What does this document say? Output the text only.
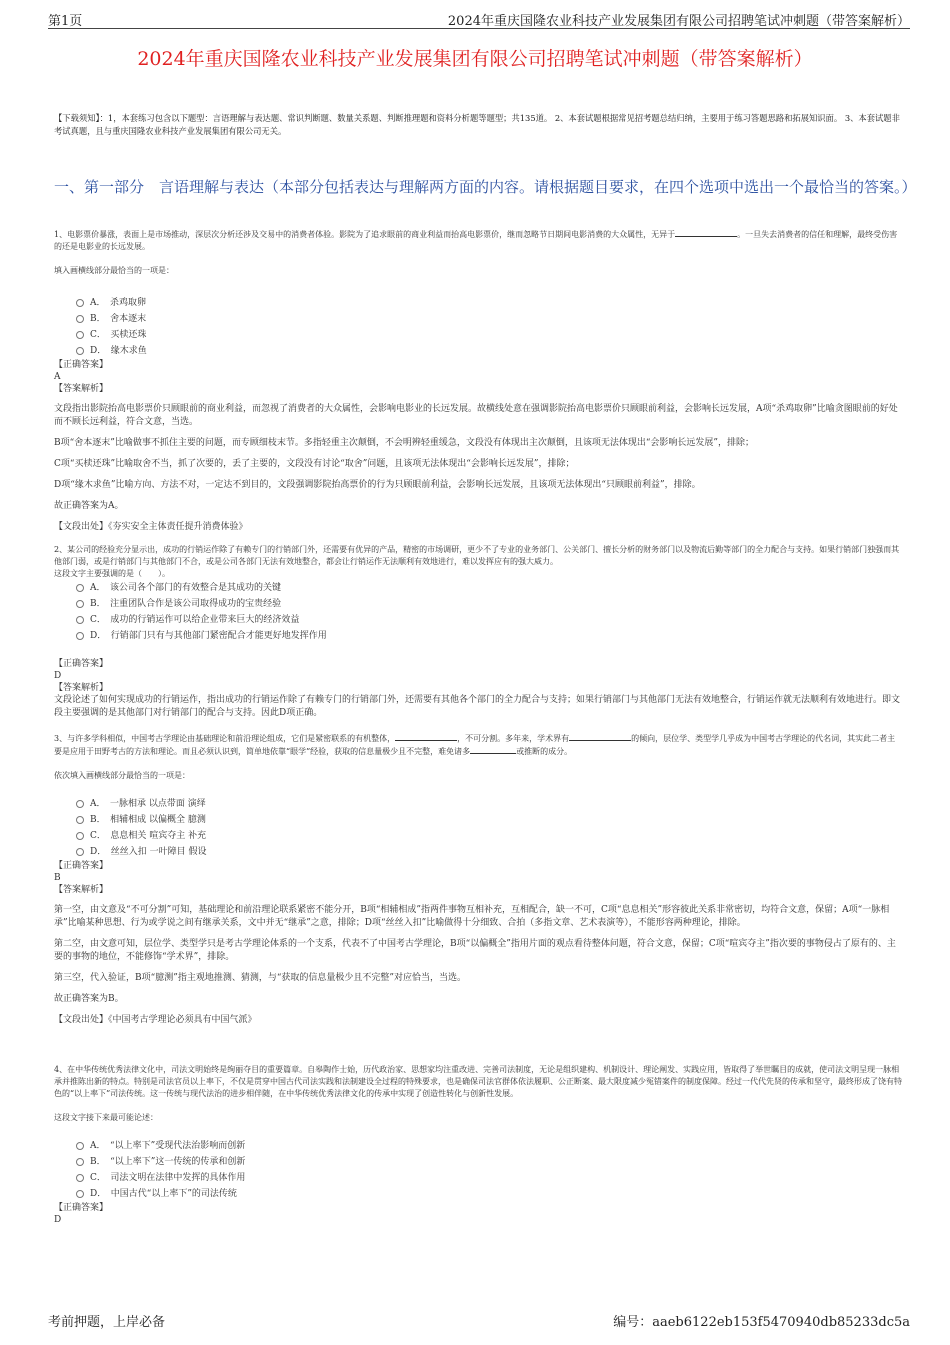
第1页	2024年重庆国隆农业科技产业发展集团有限公司招聘笔试冲刺题（带答案解析）
2024年重庆国隆农业科技产业发展集团有限公司招聘笔试冲刺题（带答案解析）
【下载须知】：1，本套练习包含以下题型：言语理解与表达题、常识判断题、数量关系题、判断推理题和资料分析题等题型；共135道。 2、本套试题根据常见招考题总结归纳，主要用于练习答题思路和拓展知识面。 3、本套试题非考试真题，且与重庆国隆农业科技产业发展集团有限公司无关。
一、第一部分　言语理解与表达（本部分包括表达与理解两方面的内容。请根据题目要求，在四个选项中选出一个最恰当的答案。）

1、电影票价暴涨，表面上是市场推动，深层次分析还涉及交易中的消费者体验。影院为了追求眼前的商业利益而抬高电影票价，继而忽略节日期间电影消费的大众属性，无异于	。一旦失去消费者的信任和理解，最终受伤害的还是电影业的长远发展。

填入画横线部分最恰当的一项是：

A．　杀鸡取卵
B．　舍本逐末
C．　买椟还珠
D．　缘木求鱼
【正确答案】
A
【答案解析】

文段指出影院抬高电影票价只顾眼前的商业利益，而忽视了消费者的大众属性，会影响电影业的长远发展。故横线处意在强调影院抬高电影票价只顾眼前利益，会影响长远发展，A项“杀鸡取卵”比喻贪图眼前的好处而不顾长远利益，符合文意，当选。

B项“舍本逐末”比喻做事不抓住主要的问题，而专顾细枝末节。多指轻重主次颠倒，不会明辨轻重缓急，文段没有体现出主次颠倒，且该项无法体现出“会影响长远发展”，排除；

C项“买椟还珠”比喻取舍不当，抓了次要的，丢了主要的，文段没有讨论“取舍”问题，且该项无法体现出“会影响长远发展”，排除；

D项“缘木求鱼”比喻方向、方法不对，一定达不到目的，文段强调影院抬高票价的行为只顾眼前利益，会影响长远发展，且该项无法体现出“只顾眼前利益”，排除。

故正确答案为A。

【文段出处】《夯实安全主体责任提升消费体验》

2、某公司的经验充分显示出，成功的行销运作除了有赖专门的行销部门外，还需要有优异的产品，精密的市场调研，更少不了专业的业务部门、公关部门、擅长分析的财务部门以及物流后勤等部门的全力配合与支持。如果行销部门独强而其他部门弱，或是行销部门与其他部门不合，或是公司各部门无法有效地整合，都会让行销运作无法顺利有效地进行，难以发挥应有的强大威力。

这段文字主要强调的是（　　）。

A．　该公司各个部门的有效整合是其成功的关键
B．　注重团队合作是该公司取得成功的宝贵经验
C．　成功的行销运作可以给企业带来巨大的经济效益
D．　行销部门只有与其他部门紧密配合才能更好地发挥作用
【正确答案】
D
【答案解析】

文段论述了如何实现成功的行销运作，指出成功的行销运作除了有赖专门的行销部门外，还需要有其他各个部门的全力配合与支持；如果行销部门与其他部门无法有效地整合，行销运作就无法顺利有效地进行。即文段主要强调的是其他部门对行销部门的配合与支持。因此D项正确。

3、与许多学科相似，中国考古学理论由基础理论和前沿理论组成，它们是紧密联系的有机整体，	，不可分割。多年来，学术界有	的倾向，层位学、类型学几乎成为中国考古学理论的代名词，其实此二者主要是应用于田野考古的方法和理论。而且必须认识到，简单地依靠“眼学”经验，获取的信息量极少且不完整，难免诸多	或推断的成分。

依次填入画横线部分最恰当的一项是：

A．　一脉相承 以点带面 演绎
B．　相辅相成 以偏概全 臆测
C．　息息相关 喧宾夺主 补充
D．　丝丝入扣 一叶障目 假设
【正确答案】
B
【答案解析】

第一空，由文意及“不可分割”可知，基础理论和前沿理论联系紧密不能分开，B项“相辅相成”指两件事物互相补充，互相配合，缺一不可，C项“息息相关”形容彼此关系非常密切，均符合文意，保留；A项“一脉相承”比喻某种思想、行为或学说之间有继承关系，文中并无“继承”之意，排除；D项“丝丝入扣”比喻做得十分细致、合拍（多指文章、艺术表演等），不能形容两种理论，排除。

第二空，由文意可知，层位学、类型学只是考古学理论体系的一个支系，代表不了中国考古学理论，B项“以偏概全”指用片面的观点看待整体问题，符合文意，保留；C项“喧宾夺主”指次要的事物侵占了原有的、主要的事物的地位，不能修饰“学术界”，排除。

第三空，代入验证，B项“臆测”指主观地推测、猜测，与“获取的信息量极少且不完整”对应恰当，当选。

故正确答案为B。

【文段出处】《中国考古学理论必须具有中国气派》

4、在中华传统优秀法律文化中，司法文明始终是绚丽夺目的重要篇章。自皋陶作士始，历代政治家、思想家均注重改进、完善司法制度，无论是组织建构、机制设计、理论阐发、实践应用，皆取得了举世瞩目的成就，使司法文明呈现一脉相承并推陈出新的特点。特别是司法官员以上率下，不仅是贯穿中国古代司法实践和法制建设全过程的特殊要求，也是确保司法官群体依法履职、公正断案、最大限度减少冤错案件的制度保障。经过一代代先贤的传承和坚守，最终形成了饶有特色的“以上率下”司法传统。这一传统与现代法治的进步相伴随，在中华传统优秀法律文化的传承中实现了创造性转化与创新性发展。

这段文字接下来最可能论述：

A．　“以上率下”受现代法治影响而创新
B．　“以上率下”这一传统的传承和创新
C．　司法文明在法律中发挥的具体作用
D．　中国古代“以上率下”的司法传统
【正确答案】
D
考前押题，上岸必备	编号：aaeb6122eb153f5470940db85233dc5a
